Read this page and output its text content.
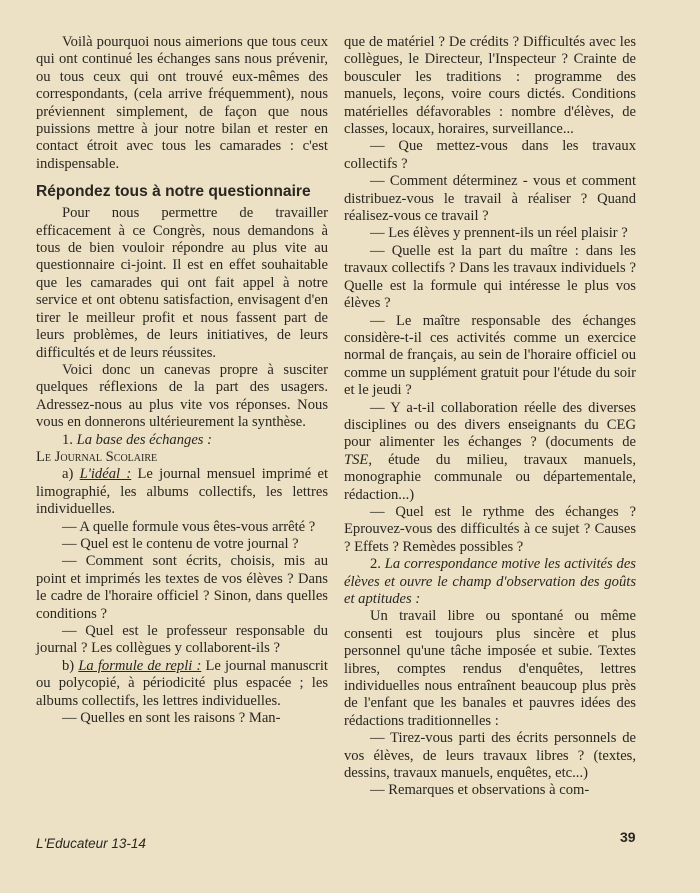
Voilà pourquoi nous aimerions que tous ceux qui ont continué les échanges sans nous prévenir, ou tous ceux qui ont trouvé eux-mêmes des correspondants, (cela arrive fréquemment), nous préviennent simplement, de façon que nous puissions mettre à jour notre bilan et rester en contact étroit avec tous les camarades : c'est indispensable.

Répondez tous à notre questionnaire

Pour nous permettre de travailler efficacement à ce Congrès, nous demandons à tous de bien vouloir répondre au plus vite au questionnaire ci-joint. Il est en effet souhaitable que les camarades qui ont fait appel à notre service et ont obtenu satisfaction, envisagent d'en tirer le meilleur profit et nous fassent part de leurs problèmes, de leurs initiatives, de leurs difficultés et de leurs réussites.

Voici donc un canevas propre à susciter quelques réflexions de la part des usagers. Adressez-nous au plus vite vos réponses. Nous vous en donnerons ultérieurement la synthèse.

1. La base des échanges :

Le Journal Scolaire

a) L'idéal : Le journal mensuel imprimé et limographié, les albums collectifs, les lettres individuelles.

— A quelle formule vous êtes-vous arrêté ?

— Quel est le contenu de votre journal ?

— Comment sont écrits, choisis, mis au point et imprimés les textes de vos élèves ? Dans le cadre de l'horaire officiel ? Sinon, dans quelles conditions ?

— Quel est le professeur responsable du journal ? Les collègues y collaborent-ils ?

b) La formule de repli : Le journal manuscrit ou polycopié, à périodicité plus espacée ; les albums collectifs, les lettres individuelles.

— Quelles en sont les raisons ? Man-

que de matériel ? De crédits ? Difficultés avec les collègues, le Directeur, l'Inspecteur ? Crainte de bousculer les traditions : programme des manuels, leçons, voire cours dictés. Conditions matérielles défavorables : nombre d'élèves, de classes, locaux, horaires, surveillance...

— Que mettez-vous dans les travaux collectifs ?

— Comment déterminez - vous et comment distribuez-vous le travail à réaliser ? Quand réalisez-vous ce travail ?

— Les élèves y prennent-ils un réel plaisir ?

— Quelle est la part du maître : dans les travaux collectifs ? Dans les travaux individuels ? Quelle est la formule qui intéresse le plus vos élèves ?

— Le maître responsable des échanges considère-t-il ces activités comme un exercice normal de français, au sein de l'horaire officiel ou comme un supplément gratuit pour l'étude du soir et le jeudi ?

— Y a-t-il collaboration réelle des diverses disciplines ou des divers enseignants du CEG pour alimenter les échanges ? (documents de TSE, étude du milieu, travaux manuels, monographie communale ou départementale, rédaction...)

— Quel est le rythme des échanges ? Eprouvez-vous des difficultés à ce sujet ? Causes ? Effets ? Remèdes possibles ?

2. La correspondance motive les activités des élèves et ouvre le champ d'observation des goûts et aptitudes :

Un travail libre ou spontané ou même consenti est toujours plus sincère et plus personnel qu'une tâche imposée et subie. Textes libres, comptes rendus d'enquêtes, lettres individuelles nous entraînent beaucoup plus près de l'enfant que les banales et pauvres idées des rédactions traditionnelles :

— Tirez-vous parti des écrits personnels de vos élèves, de leurs travaux libres ? (textes, dessins, travaux manuels, enquêtes, etc...)

— Remarques et observations à com-

L'Educateur 13-14	39
